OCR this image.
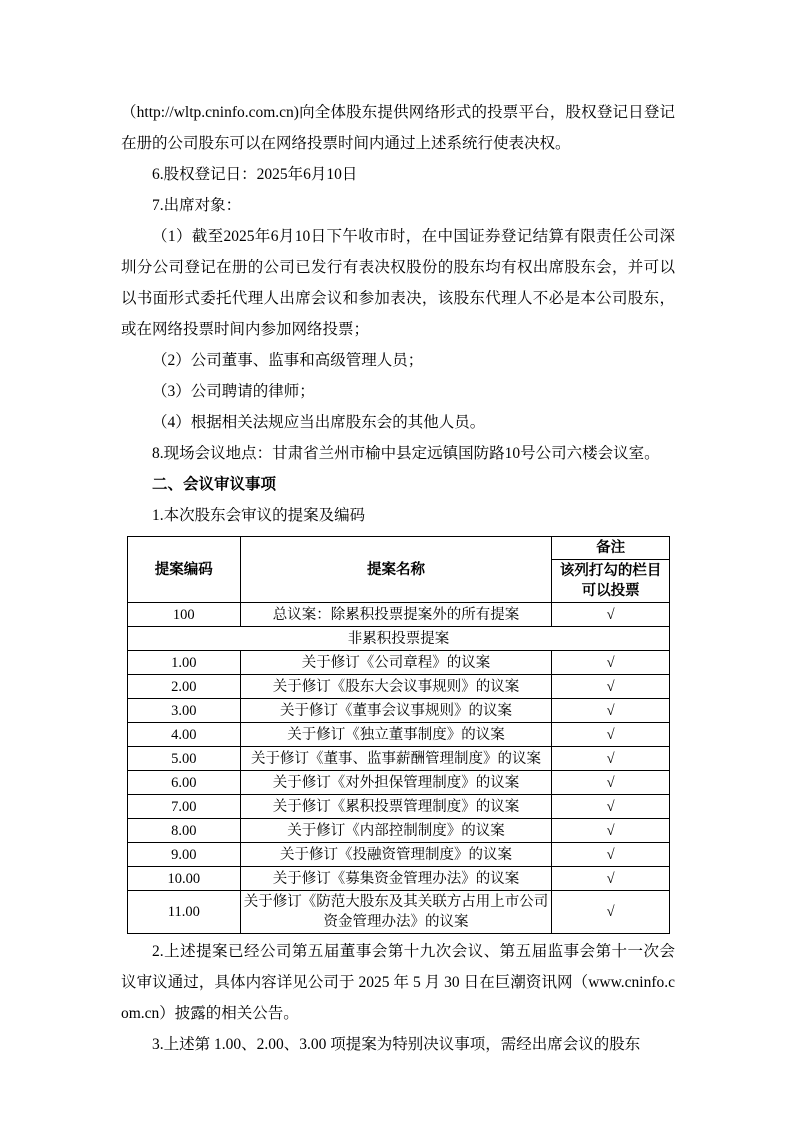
（http://wltp.cninfo.com.cn)向全体股东提供网络形式的投票平台，股权登记日登记在册的公司股东可以在网络投票时间内通过上述系统行使表决权。

6.股权登记日：2025年6月10日

7.出席对象：

（1）截至2025年6月10日下午收市时，在中国证券登记结算有限责任公司深圳分公司登记在册的公司已发行有表决权股份的股东均有权出席股东会，并可以以书面形式委托代理人出席会议和参加表决，该股东代理人不必是本公司股东，或在网络投票时间内参加网络投票；

（2）公司董事、监事和高级管理人员；

（3）公司聘请的律师；

（4）根据相关法规应当出席股东会的其他人员。

8.现场会议地点：甘肃省兰州市榆中县定远镇国防路10号公司六楼会议室。

二、会议审议事项

1.本次股东会审议的提案及编码

提案编码	提案名称	备注

		该列打勾的栏目
可以投票

100	总议案：除累积投票提案外的所有提案	√
非累积投票提案		
1.00	关于修订《公司章程》的议案	√
2.00	关于修订《股东大会议事规则》的议案	√
3.00	关于修订《董事会议事规则》的议案	√
4.00	关于修订《独立董事制度》的议案	√
5.00	关于修订《董事、监事薪酬管理制度》的议案	√
6.00	关于修订《对外担保管理制度》的议案	√
7.00	关于修订《累积投票管理制度》的议案	√
8.00	关于修订《内部控制制度》的议案	√
9.00	关于修订《投融资管理制度》的议案	√
10.00	关于修订《募集资金管理办法》的议案	√
11.00	关于修订《防范大股东及其关联方占用上市公司资金管理办法》的议案	√

2.上述提案已经公司第五届董事会第十九次会议、第五届监事会第十一次会议审议通过，具体内容详见公司于 2025 年 5 月 30 日在巨潮资讯网（www.cninfo.com.cn）披露的相关公告。

3.上述第 1.00、2.00、3.00 项提案为特别决议事项，需经出席会议的股东
